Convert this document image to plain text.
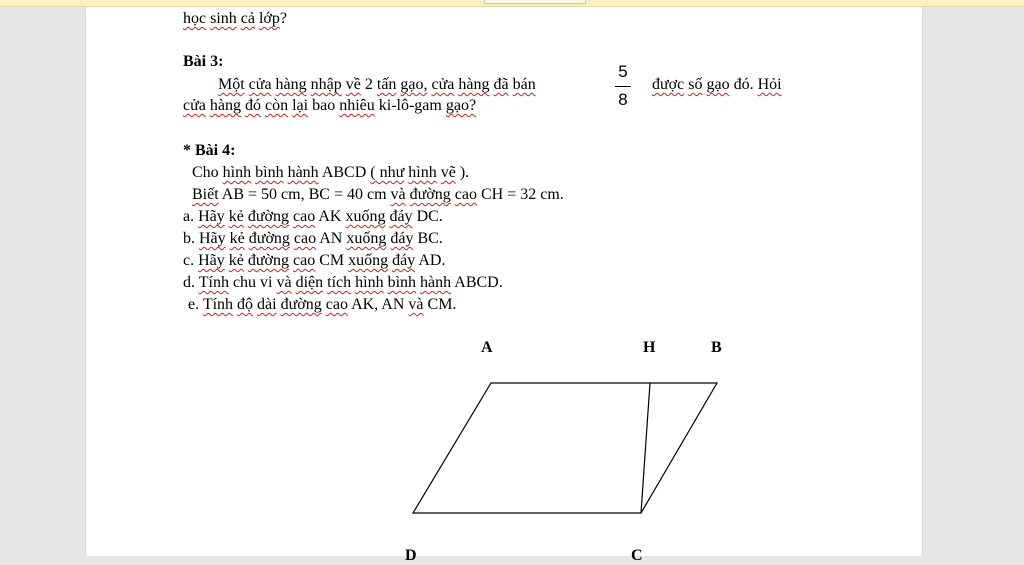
học sinh cả lớp?
Bài 3:
Một cửa hàng nhập về 2 tấn gạo, cửa hàng đã bán
5
8
được số gạo đó. Hỏi
cửa hàng đó còn lại bao nhiêu ki-lô-gam gạo?
* Bài 4:
Cho hình bình hành ABCD ( như hình vẽ ).
Biết AB = 50 cm, BC = 40 cm và đường cao CH = 32 cm.
a. Hãy kẻ đường cao AK xuống đáy DC.
b. Hãy kẻ đường cao AN xuống đáy BC.
c. Hãy kẻ đường cao CM xuống đáy AD.
d. Tính chu vi và diện tích hình bình hành ABCD.
e. Tính độ dài đường cao AK, AN và CM.
A	H	B
D	C
